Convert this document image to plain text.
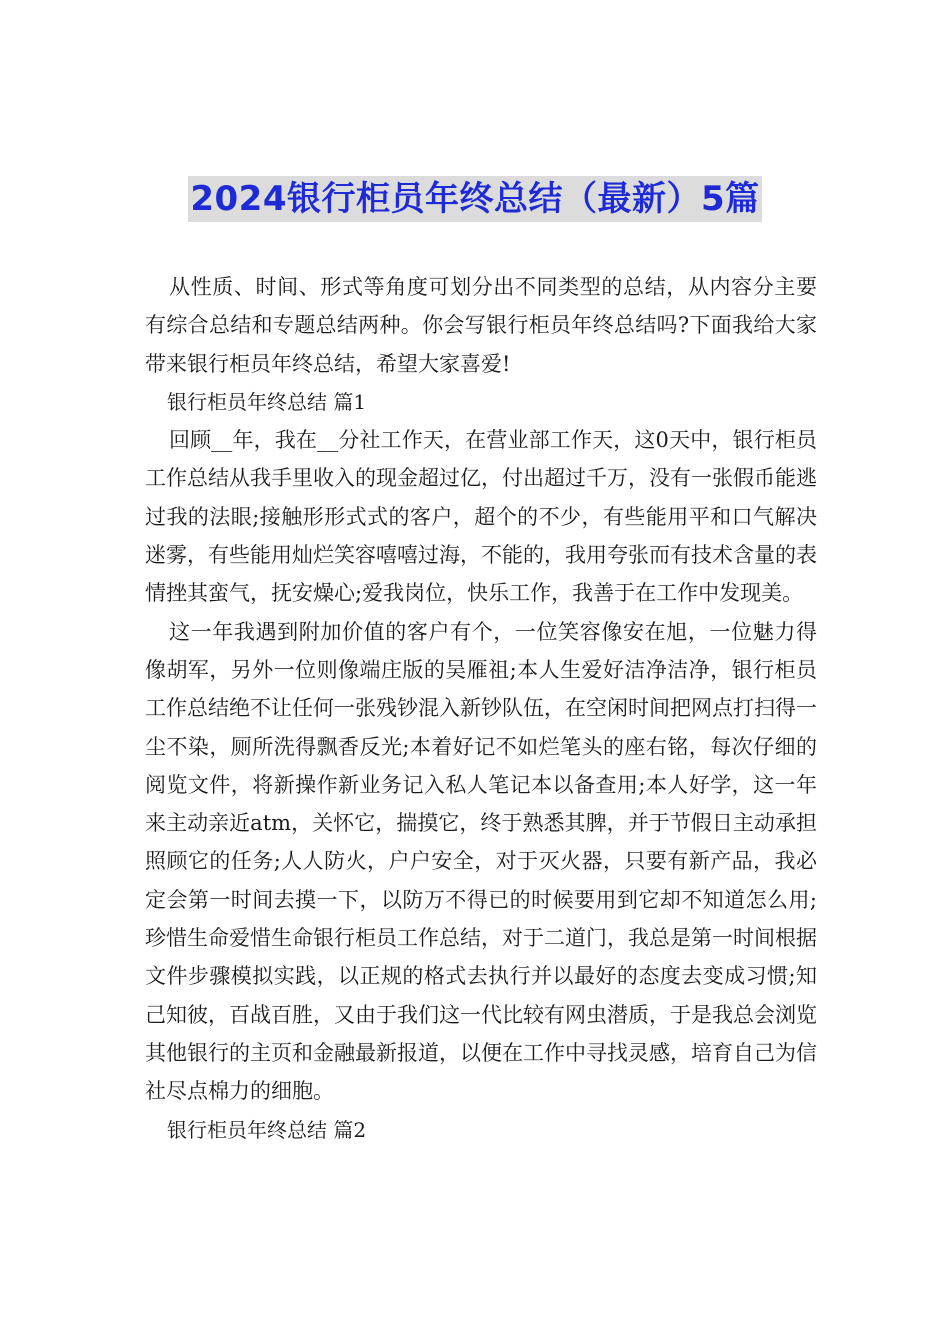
2024银行柜员年终总结（最新）5篇

从性质、时间、形式等角度可划分出不同类型的总结，从内容分主要有综合总结和专题总结两种。你会写银行柜员年终总结吗?下面我给大家带来银行柜员年终总结，希望大家喜爱!

银行柜员年终总结 篇1

回顾__年，我在__分社工作天，在营业部工作天，这0天中，银行柜员工作总结从我手里收入的现金超过亿，付出超过千万，没有一张假币能逃过我的法眼;接触形形式式的客户，超个的不少，有些能用平和口气解决迷雾，有些能用灿烂笑容嘻嘻过海，不能的，我用夸张而有技术含量的表情挫其蛮气，抚安燥心;爱我岗位，快乐工作，我善于在工作中发现美。

这一年我遇到附加价值的客户有个，一位笑容像安在旭，一位魅力得像胡军，另外一位则像端庄版的吴雁祖;本人生爱好洁净洁净，银行柜员工作总结绝不让任何一张残钞混入新钞队伍，在空闲时间把网点打扫得一尘不染，厕所洗得飘香反光;本着好记不如烂笔头的座右铭，每次仔细的阅览文件，将新操作新业务记入私人笔记本以备查用;本人好学，这一年来主动亲近atm，关怀它，揣摸它，终于熟悉其脾，并于节假日主动承担照顾它的任务;人人防火，户户安全，对于灭火器，只要有新产品，我必定会第一时间去摸一下，以防万不得已的时候要用到它却不知道怎么用;珍惜生命爱惜生命银行柜员工作总结，对于二道门，我总是第一时间根据文件步骤模拟实践，以正规的格式去执行并以最好的态度去变成习惯;知己知彼，百战百胜，又由于我们这一代比较有网虫潜质，于是我总会浏览其他银行的主页和金融最新报道，以便在工作中寻找灵感，培育自己为信社尽点棉力的细胞。

银行柜员年终总结 篇2
